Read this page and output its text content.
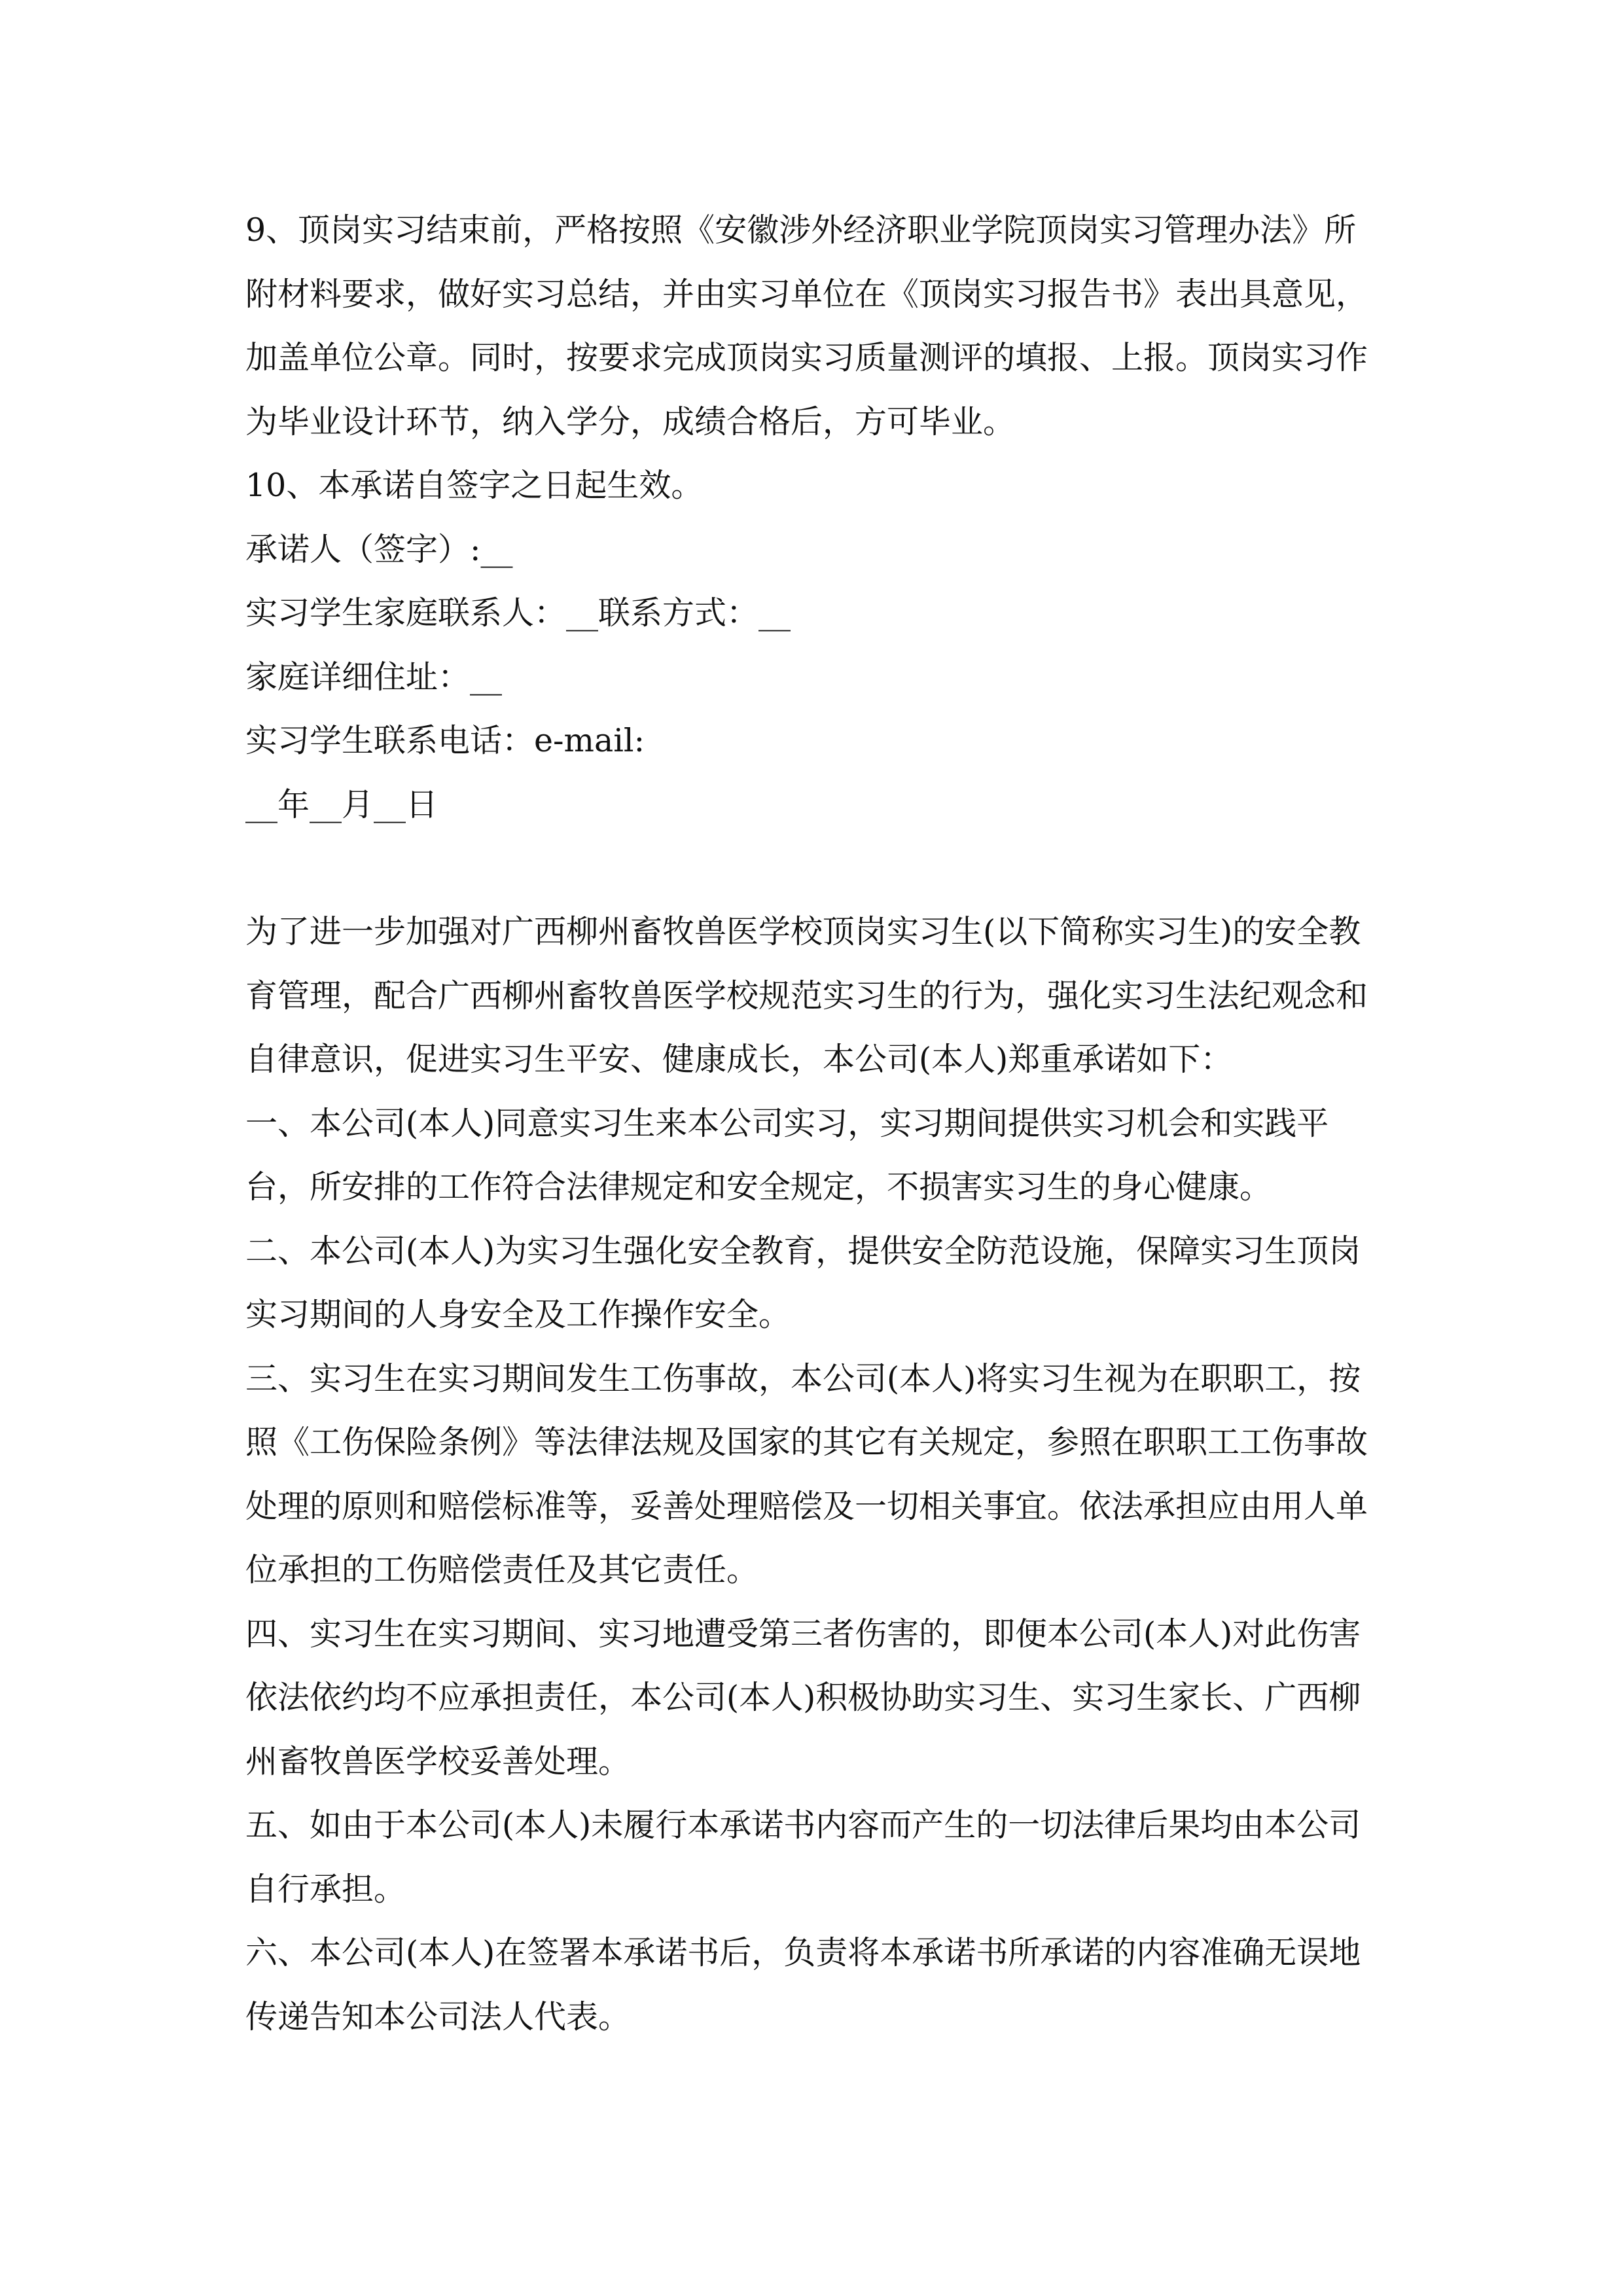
9、顶岗实习结束前，严格按照《安徽涉外经济职业学院顶岗实习管理办法》所附材料要求，做好实习总结，并由实习单位在《顶岗实习报告书》表出具意见，加盖单位公章。同时，按要求完成顶岗实习质量测评的填报、上报。顶岗实习作为毕业设计环节，纳入学分，成绩合格后，方可毕业。

10、本承诺自签字之日起生效。

承诺人（签字）:__

实习学生家庭联系人：__联系方式：__

家庭详细住址：__

实习学生联系电话：e-mail:

__年__月__日

为了进一步加强对广西柳州畜牧兽医学校顶岗实习生(以下简称实习生)的安全教育管理，配合广西柳州畜牧兽医学校规范实习生的行为，强化实习生法纪观念和自律意识，促进实习生平安、健康成长，本公司(本人)郑重承诺如下：

一、本公司(本人)同意实习生来本公司实习，实习期间提供实习机会和实践平台，所安排的工作符合法律规定和安全规定，不损害实习生的身心健康。

二、本公司(本人)为实习生强化安全教育，提供安全防范设施，保障实习生顶岗实习期间的人身安全及工作操作安全。

三、实习生在实习期间发生工伤事故，本公司(本人)将实习生视为在职职工，按照《工伤保险条例》等法律法规及国家的其它有关规定，参照在职职工工伤事故处理的原则和赔偿标准等，妥善处理赔偿及一切相关事宜。依法承担应由用人单位承担的工伤赔偿责任及其它责任。

四、实习生在实习期间、实习地遭受第三者伤害的，即便本公司(本人)对此伤害依法依约均不应承担责任，本公司(本人)积极协助实习生、实习生家长、广西柳州畜牧兽医学校妥善处理。

五、如由于本公司(本人)未履行本承诺书内容而产生的一切法律后果均由本公司自行承担。

六、本公司(本人)在签署本承诺书后，负责将本承诺书所承诺的内容准确无误地传递告知本公司法人代表。
